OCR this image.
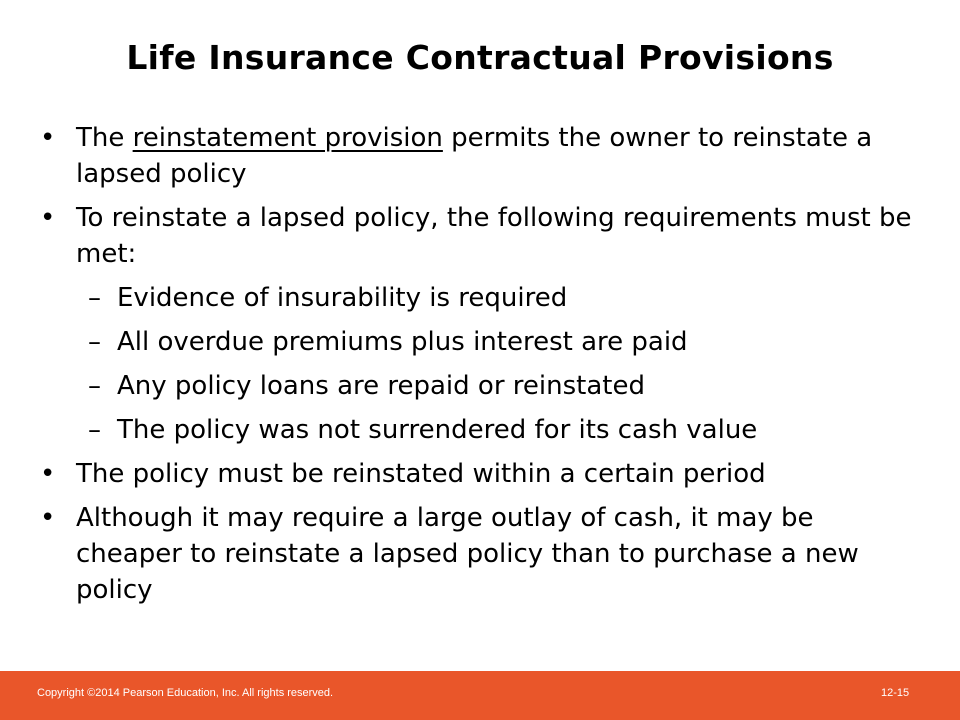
Life Insurance Contractual Provisions
• The reinstatement provision permits the owner to reinstate a lapsed policy
• To reinstate a lapsed policy, the following requirements must be met:
– Evidence of insurability is required
– All overdue premiums plus interest are paid
– Any policy loans are repaid or reinstated
– The policy was not surrendered for its cash value
• The policy must be reinstated within a certain period
• Although it may require a large outlay of cash, it may be cheaper to reinstate a lapsed policy than to purchase a new policy
Copyright ©2014 Pearson Education, Inc. All rights reserved.	12-15
